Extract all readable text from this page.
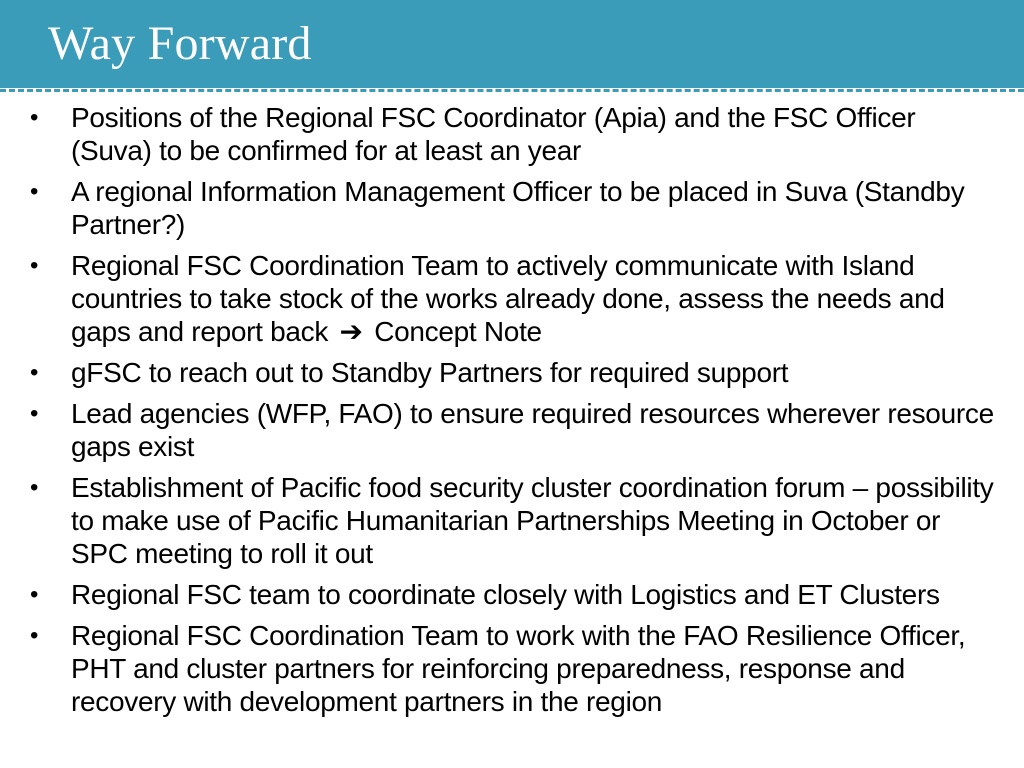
Way Forward
• Positions of the Regional FSC Coordinator (Apia) and the FSC Officer (Suva) to be confirmed for at least an year
• A regional Information Management Officer to be placed in Suva (Standby Partner?)
• Regional FSC Coordination Team to actively communicate with Island countries to take stock of the works already done, assess the needs and gaps and report back ➔ Concept Note
• gFSC to reach out to Standby Partners for required support
• Lead agencies (WFP, FAO) to ensure required resources wherever resource gaps exist
• Establishment of Pacific food security cluster coordination forum – possibility to make use of Pacific Humanitarian Partnerships Meeting in October or SPC meeting to roll it out
• Regional FSC team to coordinate closely with Logistics and ET Clusters
• Regional FSC Coordination Team to work with the FAO Resilience Officer, PHT and cluster partners for reinforcing preparedness, response and recovery with development partners in the region
